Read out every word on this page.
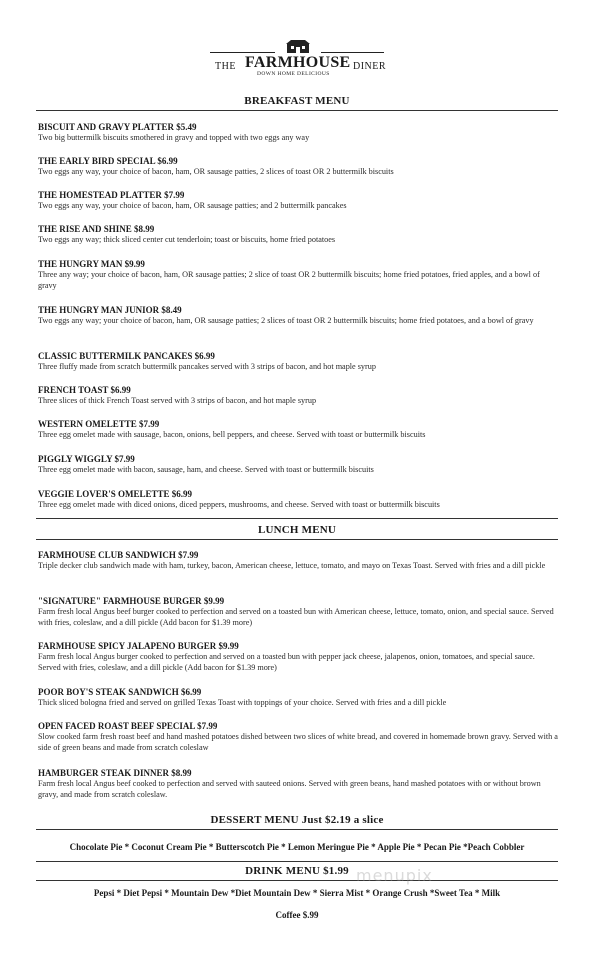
THE FARMHOUSE DINER
DOWN HOME DELICIOUS
BREAKFAST MENU
BISCUIT AND GRAVY PLATTER $5.49
Two big buttermilk biscuits smothered in gravy and topped with two eggs any way
THE EARLY BIRD SPECIAL $6.99
Two eggs any way, your choice of bacon, ham, OR sausage patties, 2 slices of toast OR 2 buttermilk biscuits
THE HOMESTEAD PLATTER $7.99
Two eggs any way, your choice of bacon, ham, OR sausage patties; and 2 buttermilk pancakes
THE RISE AND SHINE $8.99
Two eggs any way; thick sliced center cut tenderloin; toast or biscuits, home fried potatoes
THE HUNGRY MAN $9.99
Three any way; your choice of bacon, ham, OR sausage patties; 2 slice of toast OR 2 buttermilk biscuits; home fried potatoes, fried apples, and a bowl of gravy
THE HUNGRY MAN JUNIOR $8.49
Two eggs any way; your choice of bacon, ham, OR sausage patties; 2 slices of toast OR 2 buttermilk biscuits; home fried potatoes, and a bowl of gravy
CLASSIC BUTTERMILK PANCAKES $6.99
Three fluffy made from scratch buttermilk pancakes served with 3 strips of bacon, and hot maple syrup
FRENCH TOAST $6.99
Three slices of thick French Toast served with 3 strips of bacon, and hot maple syrup
WESTERN OMELETTE $7.99
Three egg omelet made with sausage, bacon, onions, bell peppers, and cheese. Served with toast or buttermilk biscuits
PIGGLY WIGGLY $7.99
Three egg omelet made with bacon, sausage, ham, and cheese. Served with toast or buttermilk biscuits
VEGGIE LOVER'S OMELETTE $6.99
Three egg omelet made with diced onions, diced peppers, mushrooms, and cheese. Served with toast or buttermilk biscuits
LUNCH MENU
FARMHOUSE CLUB SANDWICH $7.99
Triple decker club sandwich made with ham, turkey, bacon, American cheese, lettuce, tomato, and mayo on Texas Toast. Served with fries and a dill pickle
"SIGNATURE" FARMHOUSE BURGER $9.99
Farm fresh local Angus beef burger cooked to perfection and served on a toasted bun with American cheese, lettuce, tomato, onion, and special sauce. Served with fries, coleslaw, and a dill pickle (Add bacon for $1.39 more)
FARMHOUSE SPICY JALAPENO BURGER $9.99
Farm fresh local Angus burger cooked to perfection and served on a toasted bun with pepper jack cheese, jalapenos, onion, tomatoes, and special sauce. Served with fries, coleslaw, and a dill pickle (Add bacon for $1.39 more)
POOR BOY'S STEAK SANDWICH $6.99
Thick sliced bologna fried and served on grilled Texas Toast with toppings of your choice. Served with fries and a dill pickle
OPEN FACED ROAST BEEF SPECIAL $7.99
Slow cooked farm fresh roast beef and hand mashed potatoes dished between two slices of white bread, and covered in homemade brown gravy. Served with a side of green beans and made from scratch coleslaw
HAMBURGER STEAK DINNER $8.99
Farm fresh local Angus beef cooked to perfection and served with sauteed onions. Served with green beans, hand mashed potatoes with or without brown gravy, and made from scratch coleslaw.
DESSERT MENU Just $2.19 a slice
Chocolate Pie * Coconut Cream Pie * Butterscotch Pie * Lemon Meringue Pie * Apple Pie * Pecan Pie *Peach Cobbler
DRINK MENU $1.99
Pepsi * Diet Pepsi * Mountain Dew *Diet Mountain Dew * Sierra Mist * Orange Crush *Sweet Tea * Milk
Coffee $.99
menupix
